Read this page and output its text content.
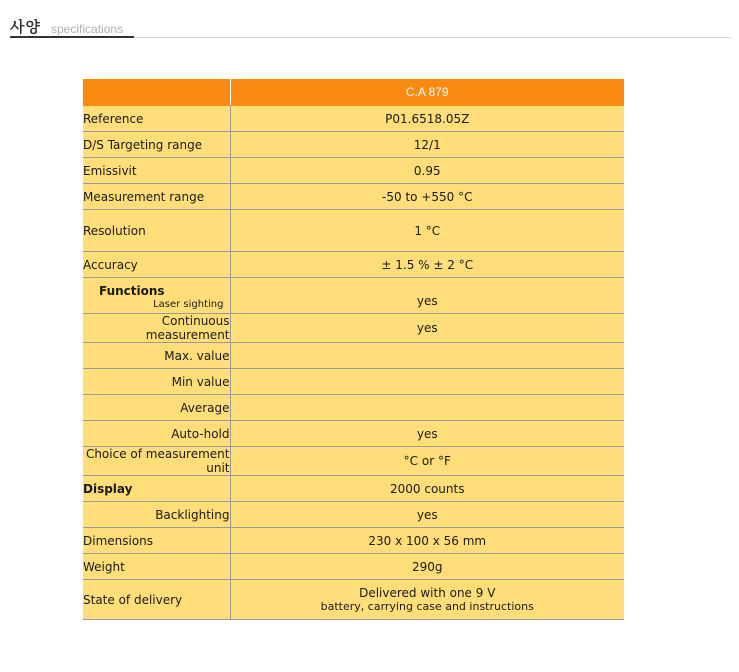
사양 specifications
	C.A 879
Reference	P01.6518.05Z
D/S Targeting range	12/1
Emissivit	0.95
Measurement range	-50 to +550 °C
Resolution	1 °C
Accuracy	± 1.5 % ± 2 °C

Functions
Laser sighting	yes
Continuous measurement	yes
Max. value	
Min value	
Average	
Auto-hold	yes
Choice of measurement unit	°C or °F
Display	2000 counts
Backlighting	yes
Dimensions	230 x 100 x 56 mm
Weight	290g
State of delivery	Delivered with one 9 V
battery, carrying case and instructions
